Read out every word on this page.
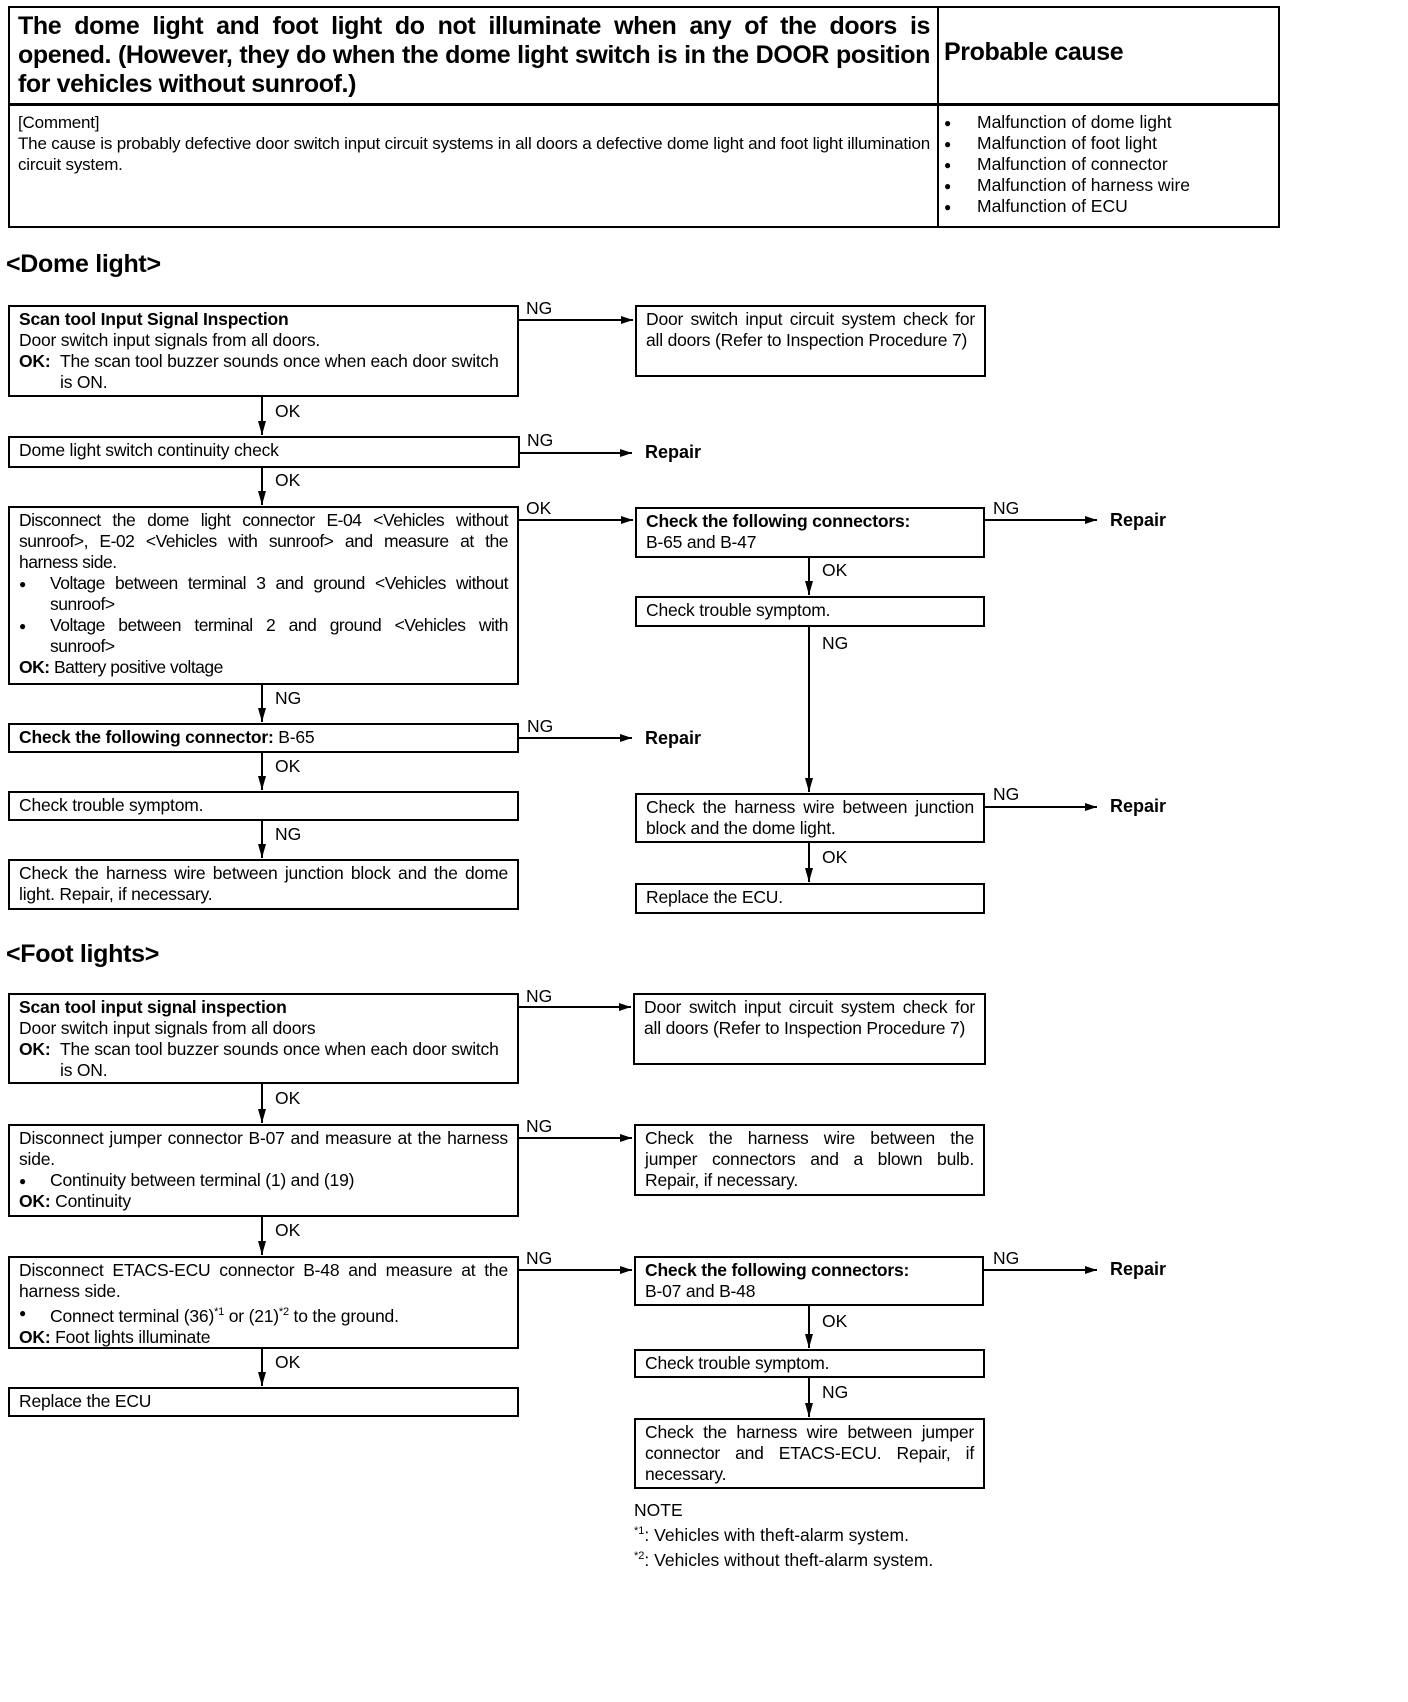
The dome light and foot light do not illuminate when any of the doors is opened. (However, they do when the dome light switch is in the DOOR position for vehicles without sunroof.)
Probable cause
[Comment]
The cause is probably defective door switch input circuit systems in all doors a defective dome light and foot light illumination circuit system.
● Malfunction of dome light
● Malfunction of foot light
● Malfunction of connector
● Malfunction of harness wire
● Malfunction of ECU
<Dome light>
Scan tool Input Signal Inspection
Door switch input signals from all doors.
OK: The scan tool buzzer sounds once when each door switch is ON.
Dome light switch continuity check
Disconnect the dome light connector E-04 <Vehicles without sunroof>, E-02 <Vehicles with sunroof> and measure at the harness side.
● Voltage between terminal 3 and ground <Vehicles without sunroof>
● Voltage between terminal 2 and ground <Vehicles with sunroof>
OK: Battery positive voltage
Check the following connector: B-65
Check trouble symptom.
Check the harness wire between junction block and the dome light. Repair, if necessary.
Door switch input circuit system check for all doors (Refer to Inspection Procedure 7)
Check the following connectors:
B-65 and B-47
Check trouble symptom.
Check the harness wire between junction block and the dome light.
Replace the ECU.
NG
OK
NG
Repair
OK
OK	NG
Repair
OK
NG
NG
NG
Repair
OK
NG
Repair
NG
OK
<Foot lights>
Scan tool input signal inspection
Door switch input signals from all doors
OK: The scan tool buzzer sounds once when each door switch is ON.
Disconnect jumper connector B-07 and measure at the harness side.
● Continuity between terminal (1) and (19)
OK: Continuity
Disconnect ETACS-ECU connector B-48 and measure at the harness side.
● Connect terminal $(36)^{*1}$ or $(21)^{*2}$ to the ground.
OK: Foot lights illuminate
Replace the ECU
Door switch input circuit system check for all doors (Refer to Inspection Procedure 7)
Check the harness wire between the jumper connectors and a blown bulb. Repair, if necessary.
Check the following connectors:
B-07 and B-48
Check trouble symptom.
Check the harness wire between jumper connector and ETACS-ECU. Repair, if necessary.
NG
OK
NG
OK
NG	NG
Repair
OK
OK
NG
NOTE
$^{*1}$: Vehicles with theft-alarm system.
$^{*2}$: Vehicles without theft-alarm system.
